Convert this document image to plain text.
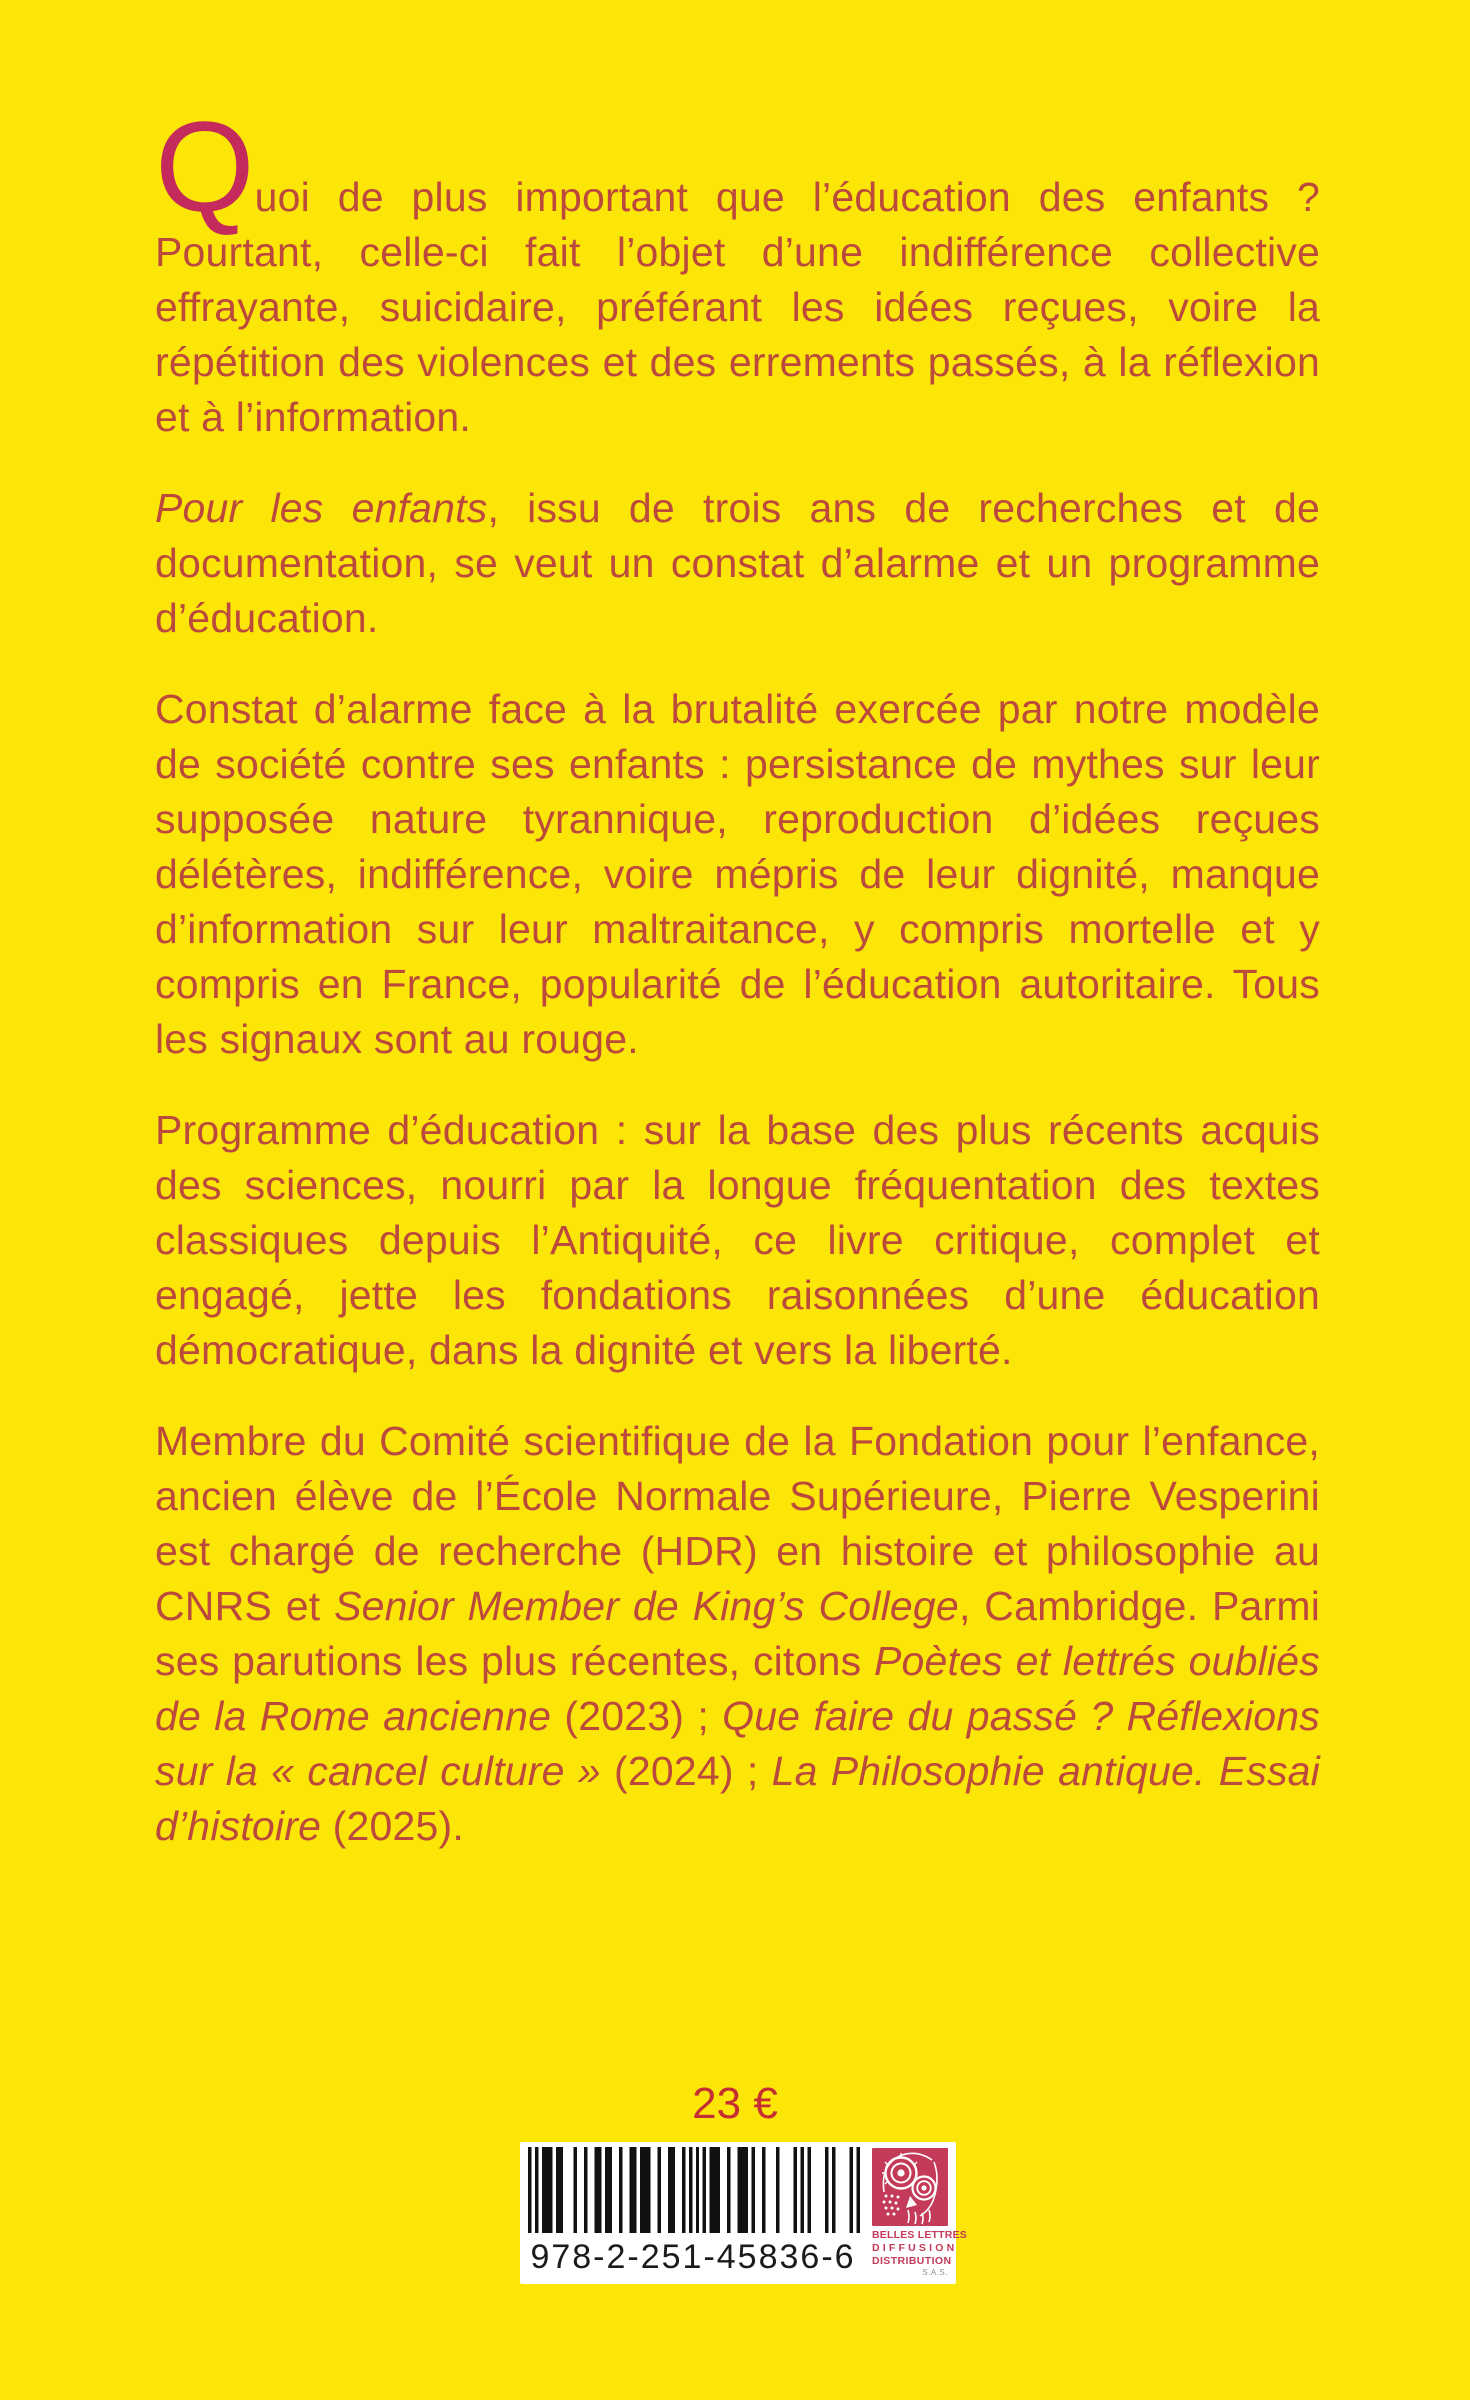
Quoi de plus important que l’éducation des enfants ?
Pourtant, celle-ci fait l’objet d’une indifférence collective
effrayante, suicidaire, préférant les idées reçues, voire la
répétition des violences et des errements passés, à la réflexion
et à l’information.
Pour les enfants, issu de trois ans de recherches et de
documentation, se veut un constat d’alarme et un programme
d’éducation.
Constat d’alarme face à la brutalité exercée par notre modèle
de société contre ses enfants : persistance de mythes sur leur
supposée nature tyrannique, reproduction d’idées reçues
délétères, indifférence, voire mépris de leur dignité, manque
d’information sur leur maltraitance, y compris mortelle et y
compris en France, popularité de l’éducation autoritaire. Tous
les signaux sont au rouge.
Programme d’éducation : sur la base des plus récents acquis
des sciences, nourri par la longue fréquentation des textes
classiques depuis l’Antiquité, ce livre critique, complet et
engagé, jette les fondations raisonnées d’une éducation
démocratique, dans la dignité et vers la liberté.
Membre du Comité scientifique de la Fondation pour l’enfance,
ancien élève de l’École Normale Supérieure, Pierre Vesperini
est chargé de recherche (HDR) en histoire et philosophie au
CNRS et Senior Member de King’s College, Cambridge. Parmi
ses parutions les plus récentes, citons Poètes et lettrés oubliés
de la Rome ancienne (2023) ; Que faire du passé ? Réflexions
sur la « cancel culture » (2024) ; La Philosophie antique. Essai
d’histoire (2025).
23 €
978-2-251-45836-6
BELLES LETTRES
DIFFUSION
DISTRIBUTION
S.A.S.
